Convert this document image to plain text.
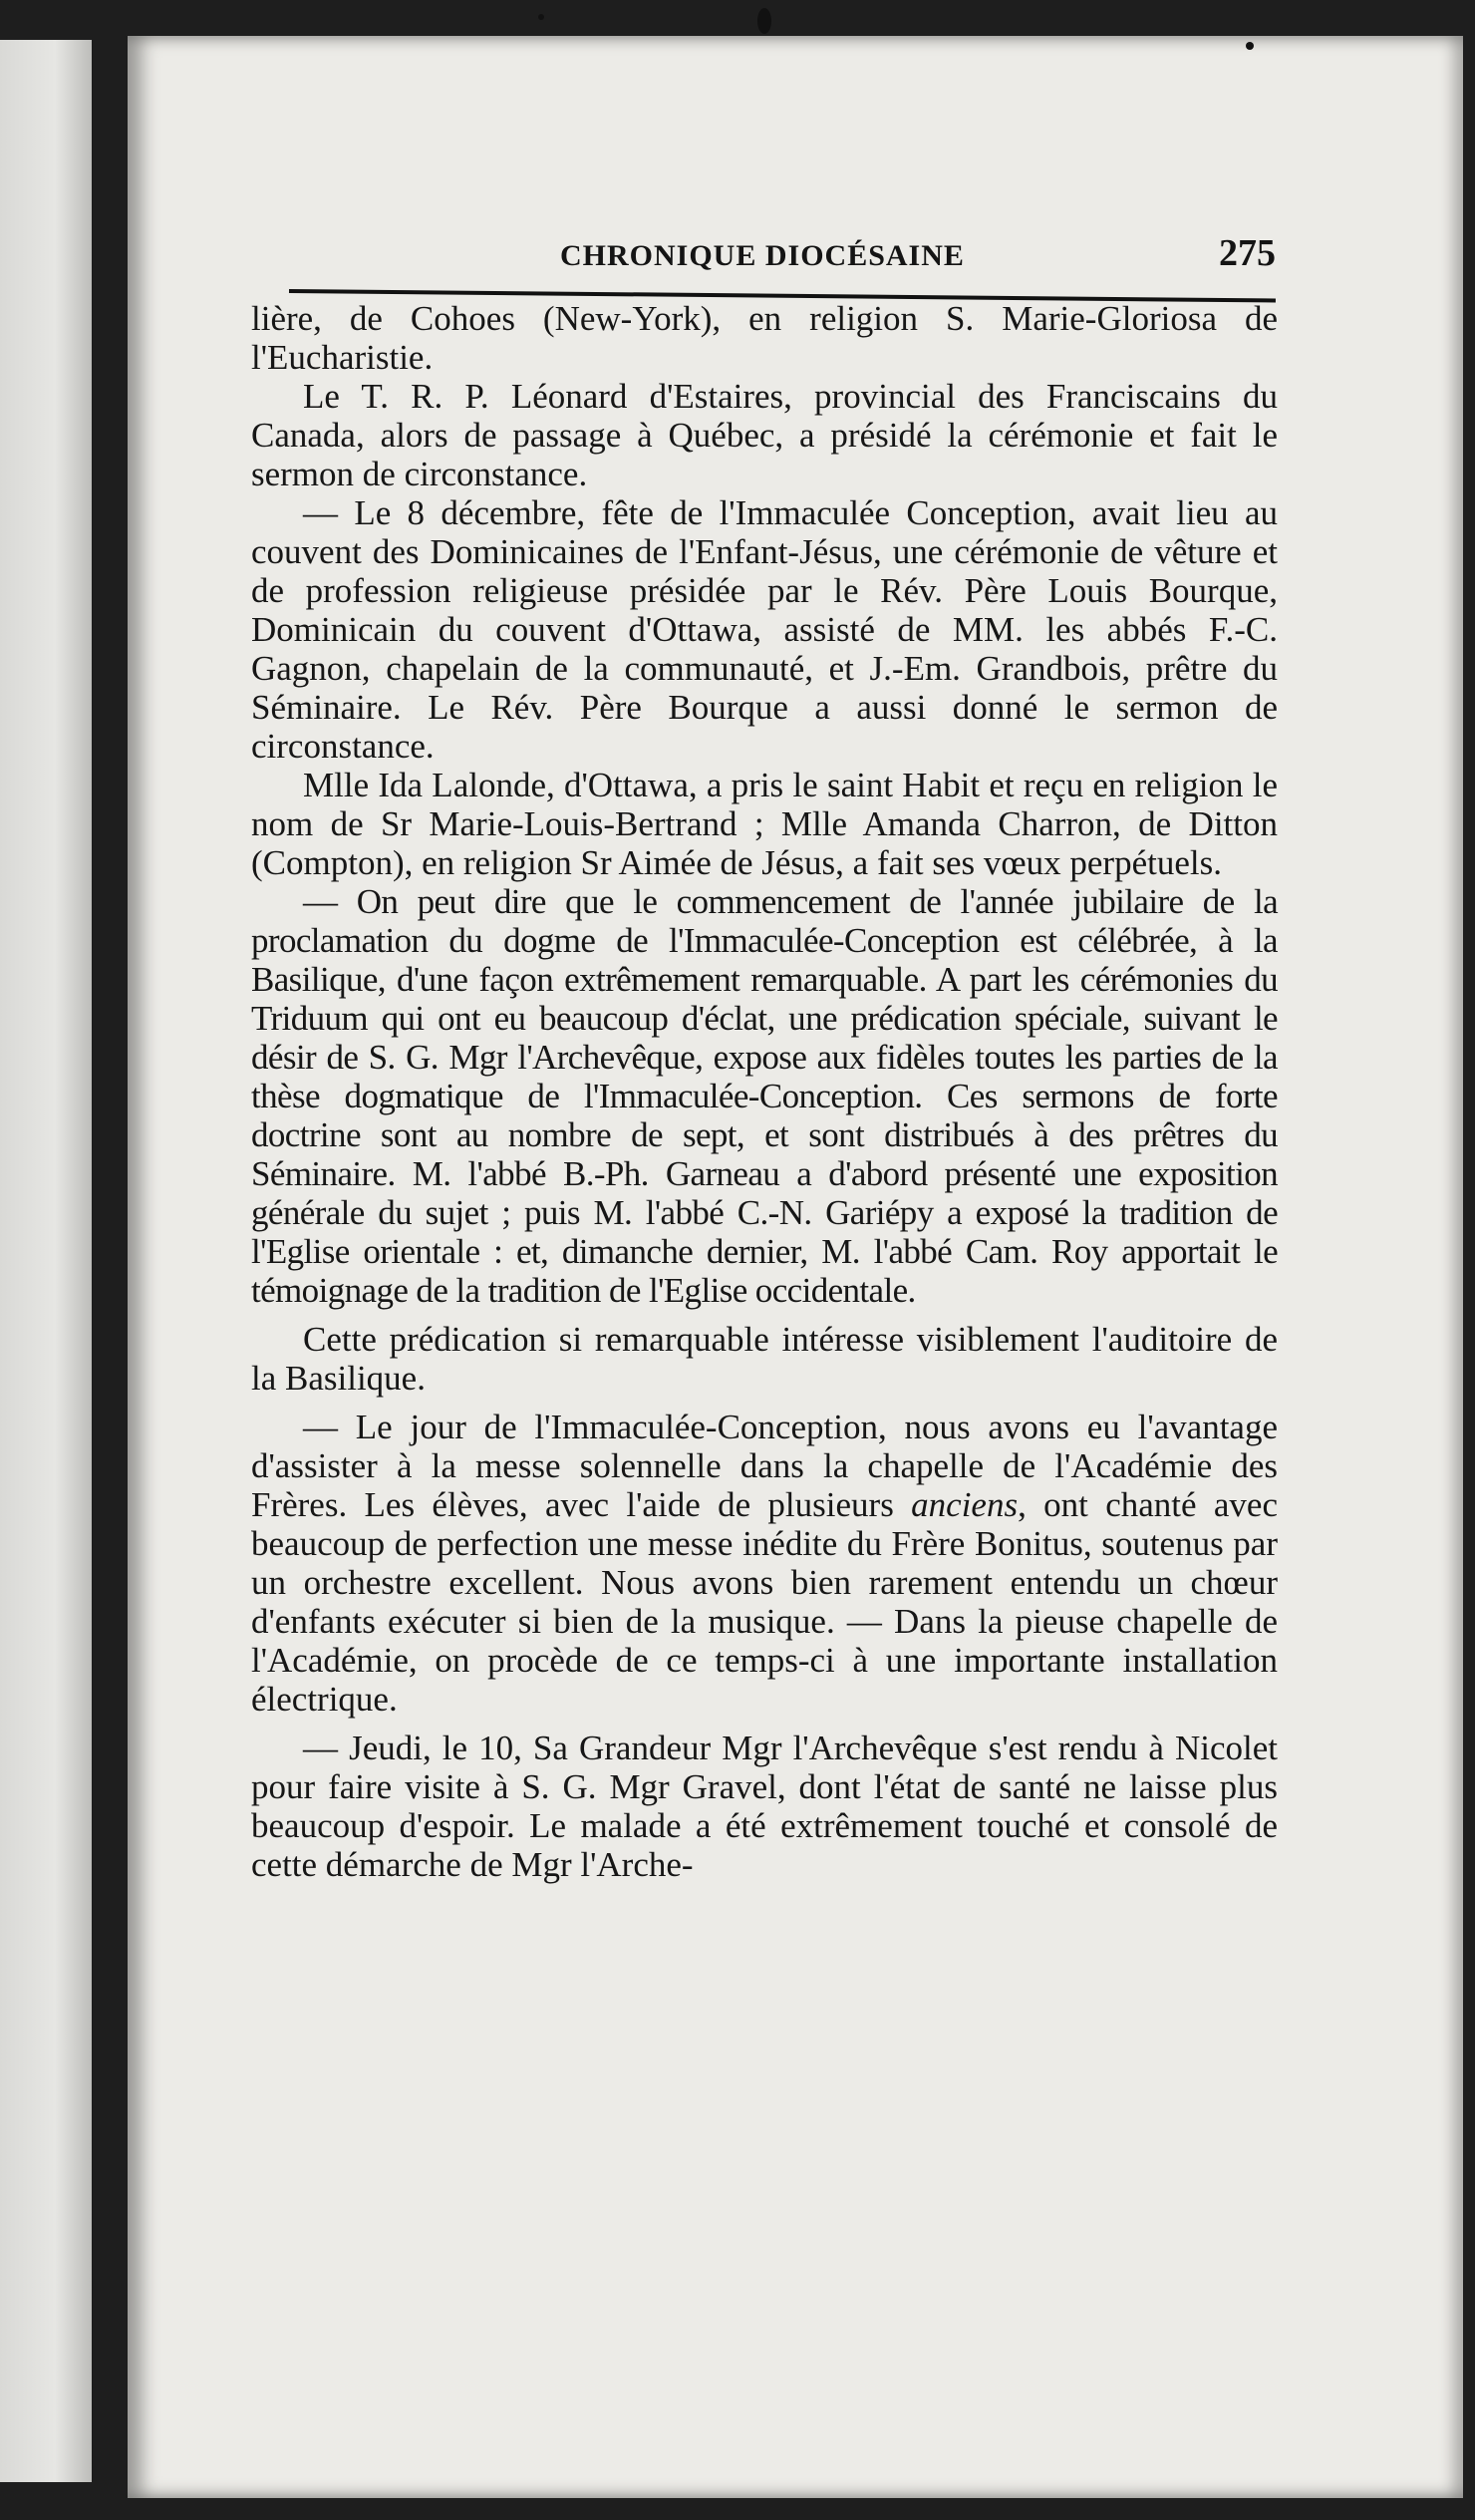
CHRONIQUE DIOCÉSAINE	275

lière, de Cohoes (New-York), en religion S. Marie-Gloriosa de l'Eucharistie.

Le T. R. P. Léonard d'Estaires, provincial des Franciscains du Canada, alors de passage à Québec, a présidé la cérémonie et fait le sermon de circonstance.

— Le 8 décembre, fête de l'Immaculée Conception, avait lieu au couvent des Dominicaines de l'Enfant-Jésus, une cérémonie de vêture et de profession religieuse présidée par le Rév. Père Louis Bourque, Dominicain du couvent d'Ottawa, assisté de MM. les abbés F.-C. Gagnon, chapelain de la communauté, et J.-Em. Grandbois, prêtre du Séminaire. Le Rév. Père Bourque a aussi donné le sermon de circonstance.

Mlle Ida Lalonde, d'Ottawa, a pris le saint Habit et reçu en religion le nom de Sr Marie-Louis-Bertrand ; Mlle Amanda Charron, de Ditton (Compton), en religion Sr Aimée de Jésus, a fait ses vœux perpétuels.

— On peut dire que le commencement de l'année jubilaire de la proclamation du dogme de l'Immaculée-Conception est célébrée, à la Basilique, d'une façon extrêmement remarquable. A part les cérémonies du Triduum qui ont eu beaucoup d'éclat, une prédication spéciale, suivant le désir de S. G. Mgr l'Archevêque, expose aux fidèles toutes les parties de la thèse dogmatique de l'Immaculée-Conception. Ces sermons de forte doctrine sont au nombre de sept, et sont distribués à des prêtres du Séminaire. M. l'abbé B.-Ph. Garneau a d'abord présenté une exposition générale du sujet ; puis M. l'abbé C.-N. Gariépy a exposé la tradition de l'Eglise orientale : et, dimanche dernier, M. l'abbé Cam. Roy apportait le témoignage de la tradition de l'Eglise occidentale.

Cette prédication si remarquable intéresse visiblement l'auditoire de la Basilique.

— Le jour de l'Immaculée-Conception, nous avons eu l'avantage d'assister à la messe solennelle dans la chapelle de l'Académie des Frères. Les élèves, avec l'aide de plusieurs anciens, ont chanté avec beaucoup de perfection une messe inédite du Frère Bonitus, soutenus par un orchestre excellent. Nous avons bien rarement entendu un chœur d'enfants exécuter si bien de la musique. — Dans la pieuse chapelle de l'Académie, on procède de ce temps-ci à une importante installation électrique.

— Jeudi, le 10, Sa Grandeur Mgr l'Archevêque s'est rendu à Nicolet pour faire visite à S. G. Mgr Gravel, dont l'état de santé ne laisse plus beaucoup d'espoir. Le malade a été extrêmement touché et consolé de cette démarche de Mgr l'Arche-
